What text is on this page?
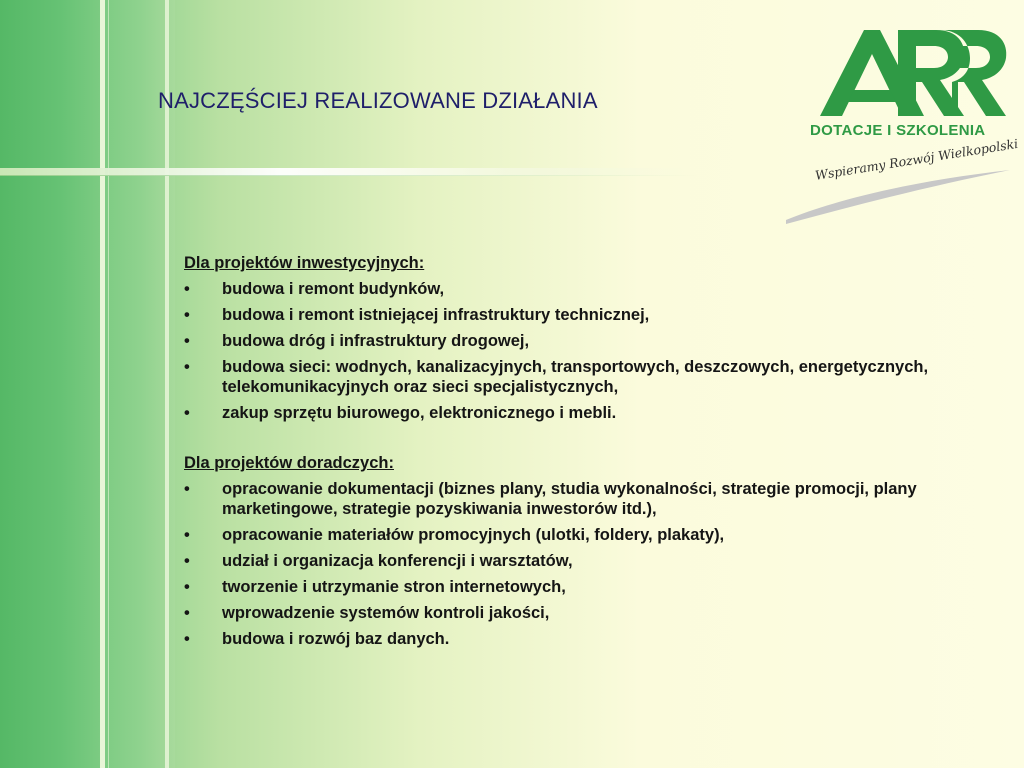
NAJCZĘŚCIEJ REALIZOWANE DZIAŁANIA
DOTACJE I SZKOLENIA
Wspieramy Rozwój Wielkopolski
Dla projektów inwestycyjnych:
• budowa i remont budynków,
• budowa i remont istniejącej infrastruktury technicznej,
• budowa dróg i infrastruktury drogowej,
• budowa sieci: wodnych, kanalizacyjnych, transportowych, deszczowych, energetycznych, telekomunikacyjnych oraz sieci specjalistycznych,
• zakup sprzętu biurowego, elektronicznego i mebli.
Dla projektów doradczych:
• opracowanie dokumentacji (biznes plany, studia wykonalności, strategie promocji, plany marketingowe, strategie pozyskiwania inwestorów itd.),
• opracowanie materiałów promocyjnych (ulotki, foldery, plakaty),
• udział i organizacja konferencji i warsztatów,
• tworzenie i utrzymanie stron internetowych,
• wprowadzenie systemów kontroli jakości,
• budowa i rozwój baz danych.
